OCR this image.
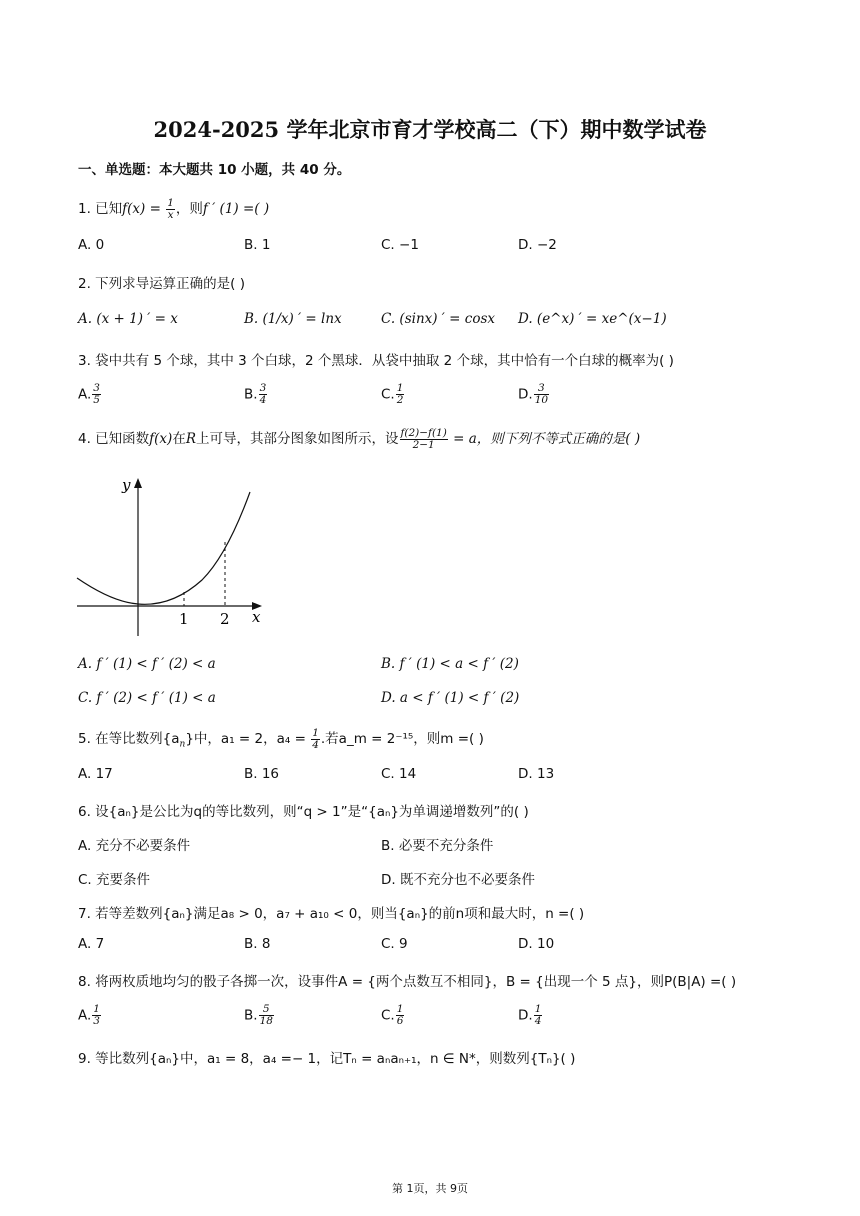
2024-2025 学年北京市育才学校高二（下）期中数学试卷
一、单选题：本大题共 10 小题，共 40 分。
1. 已知$f(x) = \frac{1}{x}$ ，则f ′ (1) =( )
A. 0	B. 1	C. −1	D. −2
2. 下列求导运算正确的是( )
A. (x + 1) ′ = x	B. (1/x) ′ = lnx	C. (sinx) ′ = cosx D. (e^x) ′ = xe^(x−1)
3. 袋中共有 5 个球，其中 3 个白球，2 个黑球．从袋中抽取 2 个球，其中恰有一个白球的概率为( )
A. $\frac{3}{5}$	B. $\frac{3}{4}$	C. $\frac{1}{2}$	D. $\frac{3}{10}$
4. 已知函数f(x)在R上可导，其部分图象如图所示，设 $\frac{f(2)-f(1)}{2-1} = a$，则下列不等式正确的是( )
y
x
1 2
A. f ′ (1) < f ′ (2) < a	B. f ′ (1) < a < f ′ (2)
C. f ′ (2) < f ′ (1) < a	D. a < f ′ (1) < f ′ (2)
5. 在等比数列$\{a_n\}$中，a₁ = 2，$a_4 = \frac{1}{4}$ .若a_m = 2⁻¹⁵，则m =( )
A. 17	B. 16	C. 14	D. 13
6. 设{aₙ}是公比为q的等比数列，则“q > 1”是“{aₙ}为单调递增数列”的( )
A. 充分不必要条件	B. 必要不充分条件
C. 充要条件	D. 既不充分也不必要条件
7. 若等差数列{aₙ}满足a₈ > 0，a₇ + a₁₀ < 0，则当{aₙ}的前n项和最大时，n =( )
A. 7	B. 8	C. 9	D. 10
8. 将两枚质地均匀的骰子各掷一次，设事件A = {两个点数互不相同}，B = {出现一个 5 点}，则P(B|A) =( )
A. $\frac{1}{3}$	B. $\frac{5}{18}$	C. $\frac{1}{6}$	D. $\frac{1}{4}$
9. 等比数列{aₙ}中，a₁ = 8，a₄ =− 1，记Tₙ = aₙaₙ₊₁，n ∈ N*，则数列{Tₙ}( )
第 1页，共 9页
